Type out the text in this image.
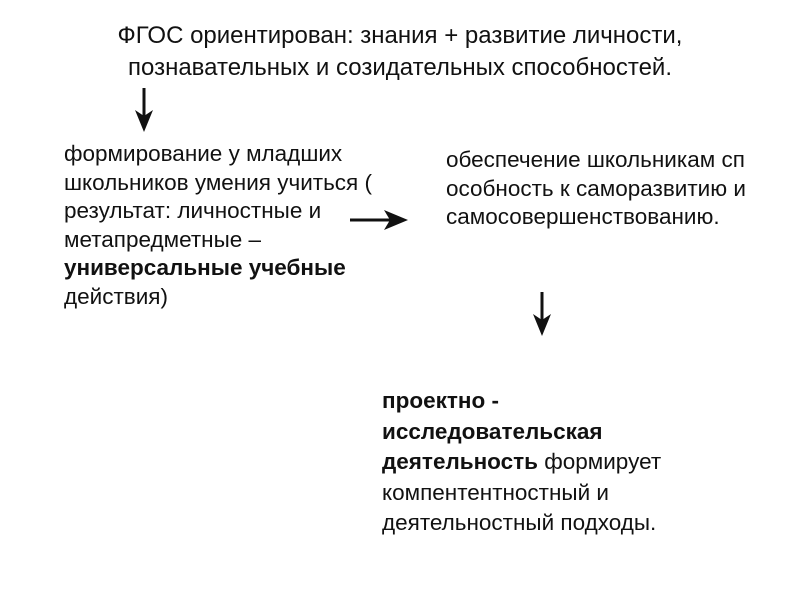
ФГОС ориентирован: знания + развитие личности,
познавательных и созидательных способностей.
формирование у младших школьников умения учиться ( результат: личностные и метапредметные – универсальные учебные действия)
обеспечение школьникам способность к саморазвитию и самосовершенствованию.
проектно - исследовательская деятельность формирует компентентностный и деятельностный подходы.
